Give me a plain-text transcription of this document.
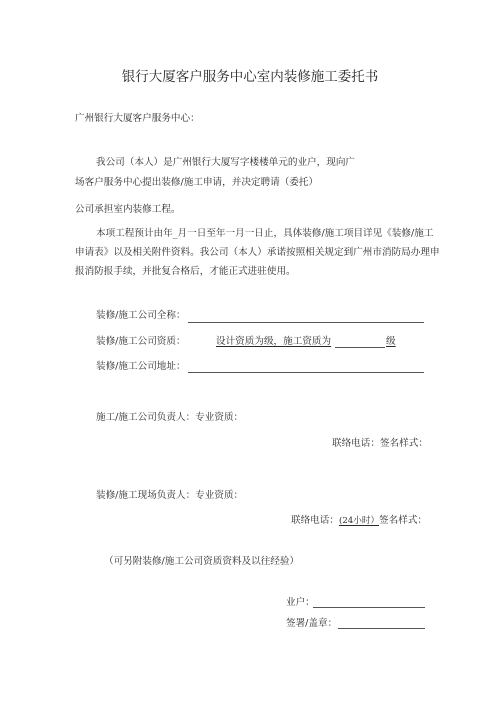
银行大厦客户服务中心室内装修施工委托书
广州银行大厦客户服务中心：
我公司（本人）是广州银行大厦写字楼楼单元的业户，现向广
场客户服务中心提出装修/施工申请，并决定聘请（委托）
公司承担室内装修工程。
本项工程预计由年_月一日至年一月一日止，具体装修/施工项目详见《装修/施工
申请表》以及相关附件资料。我公司（本人）承诺按照相关规定到广州市消防局办理申
报消防报手续，并批复合格后，才能正式进驻使用。
装修/施工公司全称：
装修/施工公司资质：	设计资质为级，施工资质为	级
装修/施工公司地址：
施工/施工公司负责人：专业资质：
联络电话：签名样式：
装修/施工现场负责人：专业资质：
联络电话：(24小时）签名样式：
（可另附装修/施工公司资质资料及以往经验）
业户：
签署/盖章：
